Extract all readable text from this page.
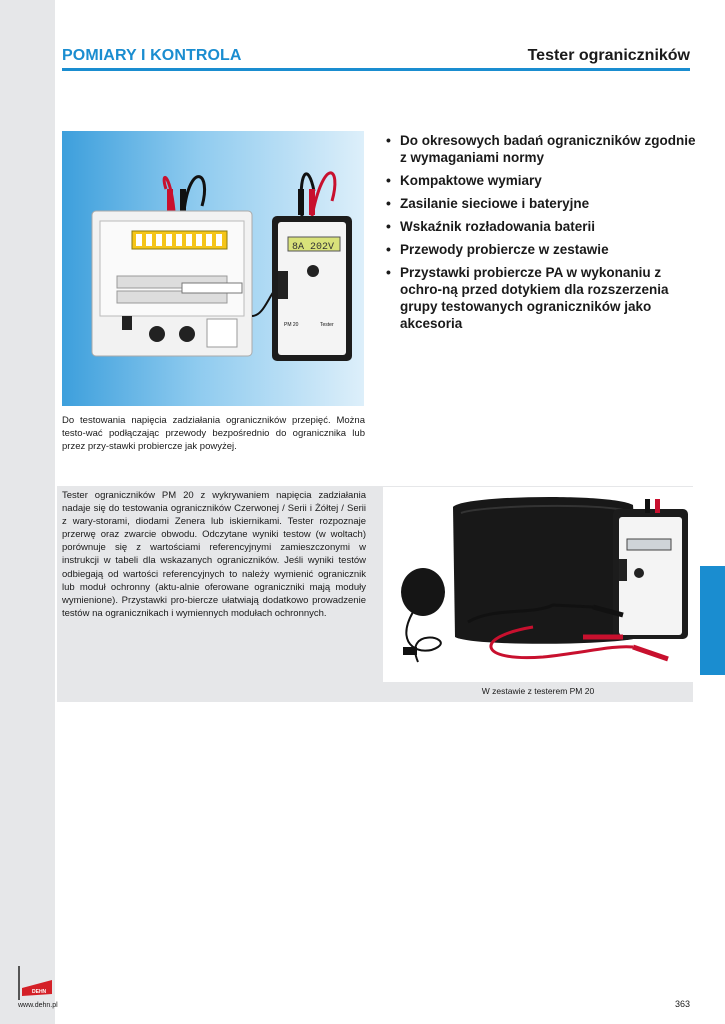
POMIARY I KONTROLA	Tester ograniczników
8A 202V
PM 20	Tester
• Do okresowych badań ograniczników zgodnie z wymaganiami normy
• Kompaktowe wymiary
• Zasilanie sieciowe i bateryjne
• Wskaźnik rozładowania baterii
• Przewody probiercze w zestawie
• Przystawki probiercze PA w wykonaniu z ochro-ną przed dotykiem dla rozszerzenia grupy testowanych ograniczników jako akcesoria
Do testowania napięcia zadziałania ograniczników przepięć. Można testo-wać podłączając przewody bezpośrednio do ogranicznika lub przez przy-stawki probiercze jak powyżej.
Tester ograniczników PM 20 z wykrywaniem napięcia zadziałania nadaje się do testowania ograniczników Czerwonej / Serii i Żółtej / Serii z wary-storami, diodami Zenera lub iskiernikami. Tester rozpoznaje przerwę oraz zwarcie obwodu. Odczytane wyniki testow (w woltach) porównuje się z wartościami referencyjnymi zamieszczonymi w instrukcji w tabeli dla wskazanych ograniczników. Jeśli wyniki testów odbiegają od wartości referencyjnych to należy wymienić ogranicznik lub moduł ochronny (aktu-alnie oferowane ograniczniki mają moduły wymienione). Przystawki pro-biercze ułatwiają dodatkowo prowadzenie testów na ogranicznikach i wymiennych modułach ochronnych.
W zestawie z testerem PM 20
DEHN
www.dehn.pl	363
